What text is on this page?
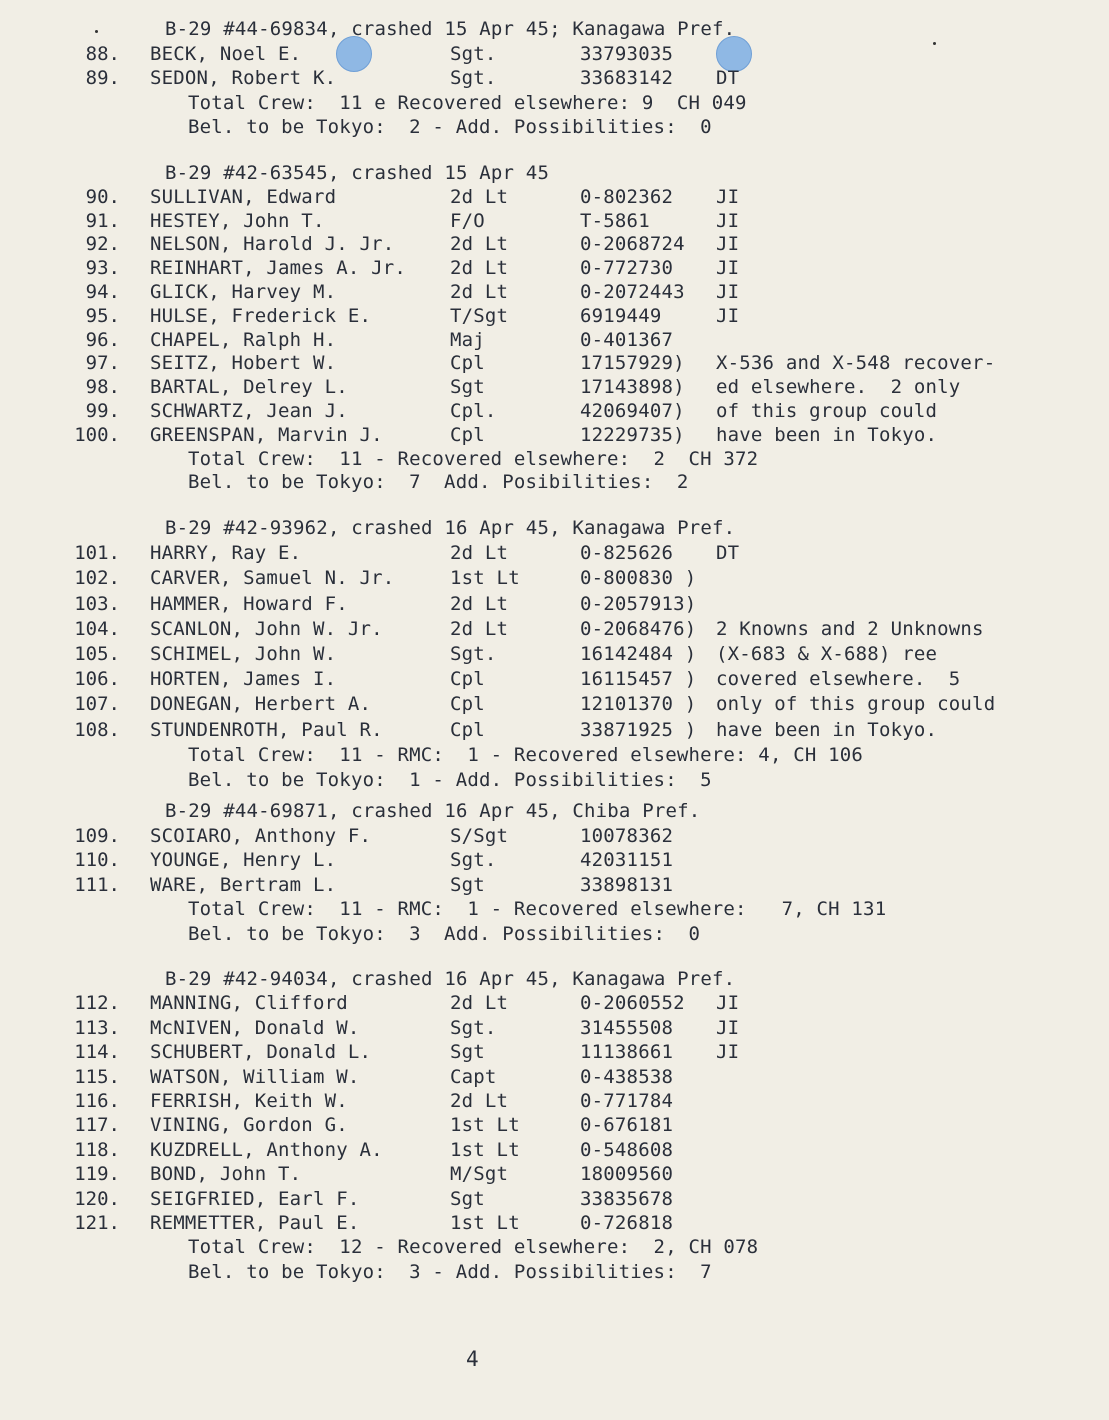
4
B-29 #44-69834, crashed 15 Apr 45; Kanagawa Pref.
88. BECK, Noel E.	Sgt.	33793035
89. SEDON, Robert K.	Sgt.	33683142 DT
Total Crew:  11 e Recovered elsewhere: 9  CH 049
Bel. to be Tokyo:  2 - Add. Possibilities:  0
B-29 #42-63545, crashed 15 Apr 45
90. SULLIVAN, Edward	2d Lt	0-802362 JI
91. HESTEY, John T.	F/O	T-5861	JI
92. NELSON, Harold J. Jr.	2d Lt	0-2068724 JI
93. REINHART, James A. Jr. 2d Lt	0-772730 JI
94. GLICK, Harvey M.	2d Lt	0-2072443 JI
95. HULSE, Frederick E.	T/Sgt	6919449	JI
96. CHAPEL, Ralph H.	Maj	0-401367
97. SEITZ, Hobert W.	Cpl	17157929) X-536 and X-548 recover-
98. BARTAL, Delrey L.	Sgt	17143898) ed elsewhere.  2 only
99. SCHWARTZ, Jean J.	Cpl.	42069407) of this group could
100. GREENSPAN, Marvin J.	Cpl	12229735) have been in Tokyo.
Total Crew:  11 - Recovered elsewhere:  2  CH 372
Bel. to be Tokyo:  7  Add. Posibilities:  2
B-29 #42-93962, crashed 16 Apr 45, Kanagawa Pref.
101. HARRY, Ray E.	2d Lt	0-825626 DT
102. CARVER, Samuel N. Jr.	1st Lt	0-800830 )
103. HAMMER, Howard F.	2d Lt	0-2057913)
104. SCANLON, John W. Jr.	2d Lt	0-2068476) 2 Knowns and 2 Unknowns
105. SCHIMEL, John W.	Sgt.	16142484 ) (X-683 & X-688) ree
106. HORTEN, James I.	Cpl	16115457 ) covered elsewhere.  5
107. DONEGAN, Herbert A.	Cpl	12101370 ) only of this group could
108. STUNDENROTH, Paul R.	Cpl	33871925 ) have been in Tokyo.
Total Crew:  11 - RMC:  1 - Recovered elsewhere: 4, CH 106
Bel. to be Tokyo:  1 - Add. Possibilities:  5
B-29 #44-69871, crashed 16 Apr 45, Chiba Pref.
109. SCOIARO, Anthony F.	S/Sgt	10078362
110. YOUNGE, Henry L.	Sgt.	42031151
111. WARE, Bertram L.	Sgt	33898131
Total Crew:  11 - RMC:  1 - Recovered elsewhere:   7, CH 131
Bel. to be Tokyo:  3  Add. Possibilities:  0
B-29 #42-94034, crashed 16 Apr 45, Kanagawa Pref.
112. MANNING, Clifford	2d Lt	0-2060552 JI
113. McNIVEN, Donald W.	Sgt.	31455508 JI
114. SCHUBERT, Donald L.	Sgt	11138661 JI
115. WATSON, William W.	Capt	0-438538
116. FERRISH, Keith W.	2d Lt	0-771784
117. VINING, Gordon G.	1st Lt	0-676181
118. KUZDRELL, Anthony A.	1st Lt	0-548608
119. BOND, John T.	M/Sgt	18009560
120. SEIGFRIED, Earl F.	Sgt	33835678
121. REMMETTER, Paul E.	1st Lt	0-726818
Total Crew:  12 - Recovered elsewhere:  2, CH 078
Bel. to be Tokyo:  3 - Add. Possibilities:  7
